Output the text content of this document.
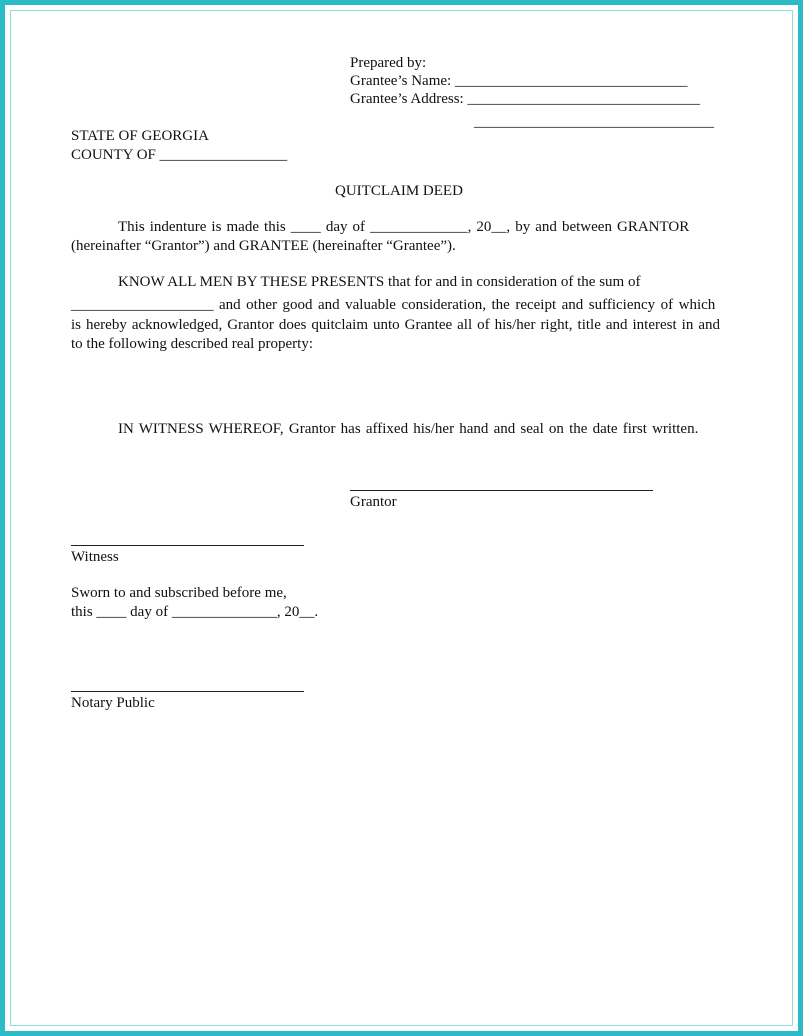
Prepared by:
Grantee’s Name: _______________________________
Grantee’s Address: _______________________________
________________________________
STATE OF GEORGIA
COUNTY OF _________________
QUITCLAIM DEED
This indenture is made this ____ day of _____________, 20__, by and between GRANTOR
(hereinafter “Grantor”) and GRANTEE (hereinafter “Grantee”).
KNOW ALL MEN BY THESE PRESENTS that for and in consideration of the sum of
___________________ and other good and valuable consideration, the receipt and sufficiency of which
is hereby acknowledged, Grantor does quitclaim unto Grantee all of his/her right, title and interest in and
to the following described real property:
IN WITNESS WHEREOF, Grantor has affixed his/her hand and seal on the date first written.
Grantor
Witness
Sworn to and subscribed before me,
this ____ day of ______________, 20__.
Notary Public
